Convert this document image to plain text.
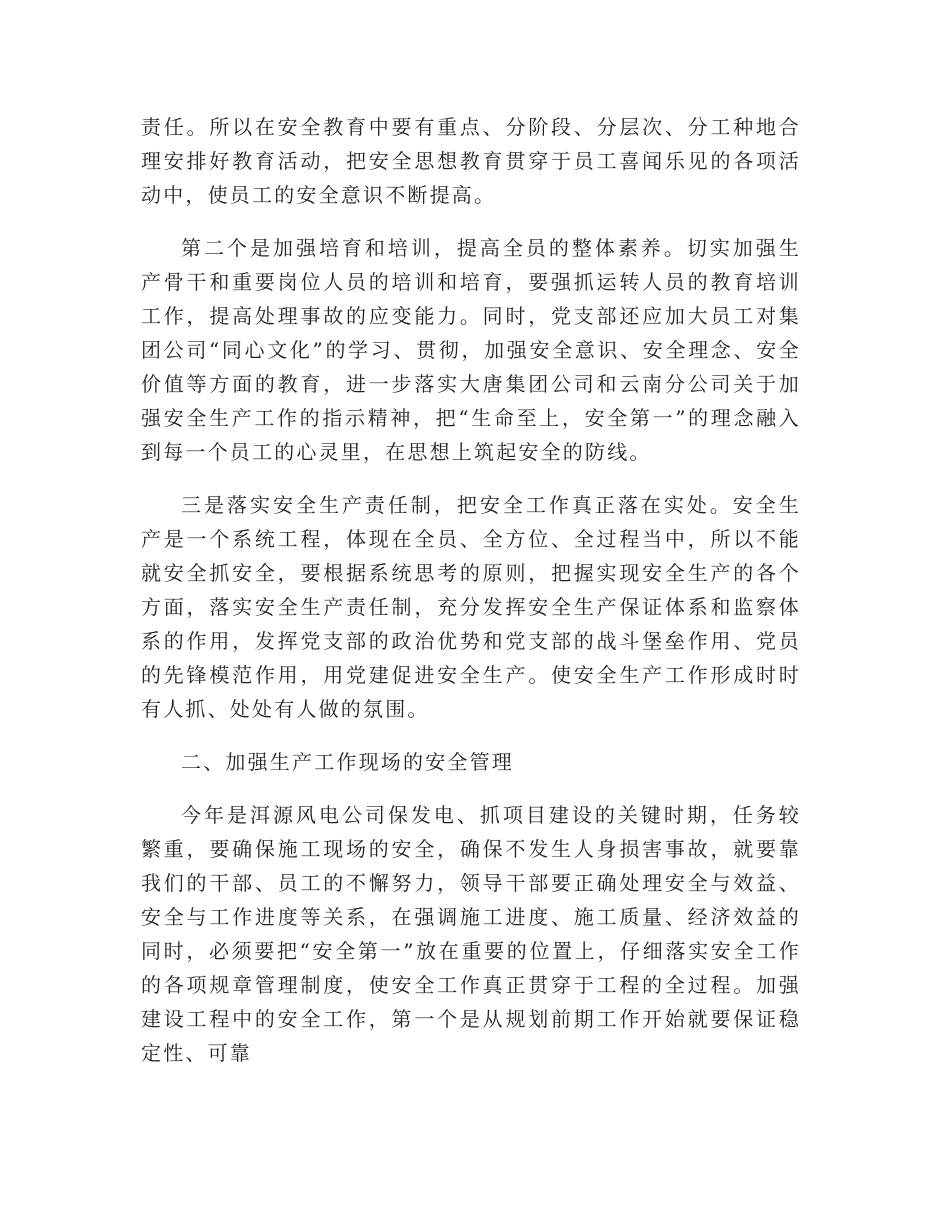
责任。所以在安全教育中要有重点、分阶段、分层次、分工种地合理安排好教育活动，把安全思想教育贯穿于员工喜闻乐见的各项活动中，使员工的安全意识不断提高。

第二个是加强培育和培训，提高全员的整体素养。切实加强生产骨干和重要岗位人员的培训和培育，要强抓运转人员的教育培训工作，提高处理事故的应变能力。同时，党支部还应加大员工对集团公司“同心文化”的学习、贯彻，加强安全意识、安全理念、安全价值等方面的教育，进一步落实大唐集团公司和云南分公司关于加强安全生产工作的指示精神，把“生命至上，安全第一”的理念融入到每一个员工的心灵里，在思想上筑起安全的防线。

三是落实安全生产责任制，把安全工作真正落在实处。安全生产是一个系统工程，体现在全员、全方位、全过程当中，所以不能就安全抓安全，要根据系统思考的原则，把握实现安全生产的各个方面，落实安全生产责任制，充分发挥安全生产保证体系和监察体系的作用，发挥党支部的政治优势和党支部的战斗堡垒作用、党员的先锋模范作用，用党建促进安全生产。使安全生产工作形成时时有人抓、处处有人做的氛围。

二、加强生产工作现场的安全管理

今年是洱源风电公司保发电、抓项目建设的关键时期，任务较繁重，要确保施工现场的安全，确保不发生人身损害事故，就要靠我们的干部、员工的不懈努力，领导干部要正确处理安全与效益、安全与工作进度等关系，在强调施工进度、施工质量、经济效益的同时，必须要把“安全第一”放在重要的位置上，仔细落实安全工作的各项规章管理制度，使安全工作真正贯穿于工程的全过程。加强建设工程中的安全工作，第一个是从规划前期工作开始就要保证稳定性、可靠
